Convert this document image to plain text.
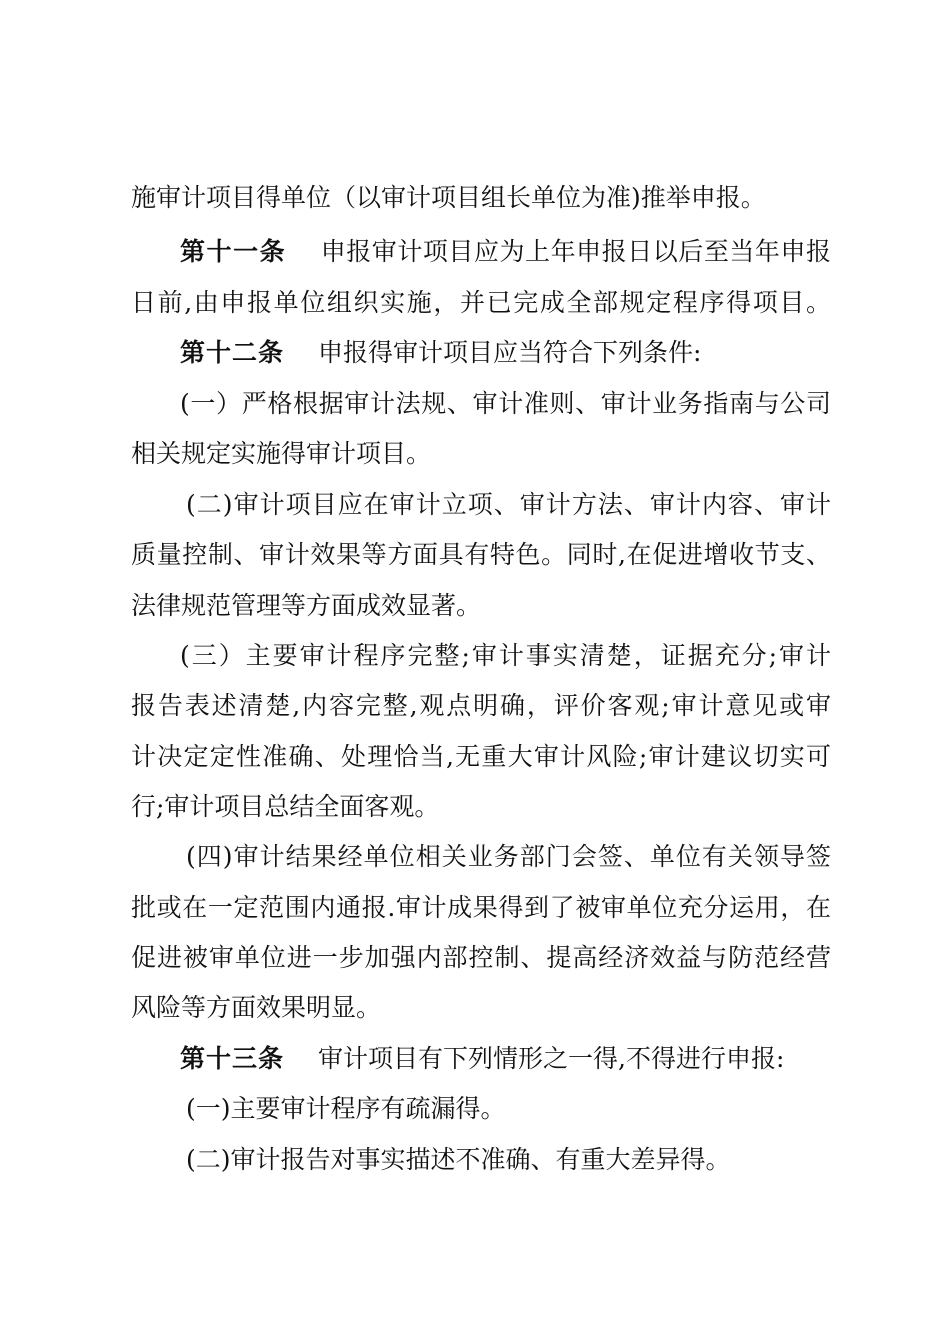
施审计项目得单位（以审计项目组长单位为准)推举申报。
第十一条 申报审计项目应为上年申报日以后至当年申报
日前,由申报单位组织实施，并已完成全部规定程序得项目。
第十二条 申报得审计项目应当符合下列条件:
(一）严格根据审计法规、审计准则、审计业务指南与公司
相关规定实施得审计项目。
(二)审计项目应在审计立项、审计方法、审计内容、审计
质量控制、审计效果等方面具有特色。同时,在促进增收节支、
法律规范管理等方面成效显著。
(三）主要审计程序完整;审计事实清楚，证据充分;审计
报告表述清楚,内容完整,观点明确，评价客观;审计意见或审
计决定定性准确、处理恰当,无重大审计风险;审计建议切实可
行;审计项目总结全面客观。
(四)审计结果经单位相关业务部门会签、单位有关领导签
批或在一定范围内通报.审计成果得到了被审单位充分运用，在
促进被审单位进一步加强内部控制、提高经济效益与防范经营
风险等方面效果明显。
第十三条 审计项目有下列情形之一得,不得进行申报:
(一)主要审计程序有疏漏得。
(二)审计报告对事实描述不准确、有重大差异得。
